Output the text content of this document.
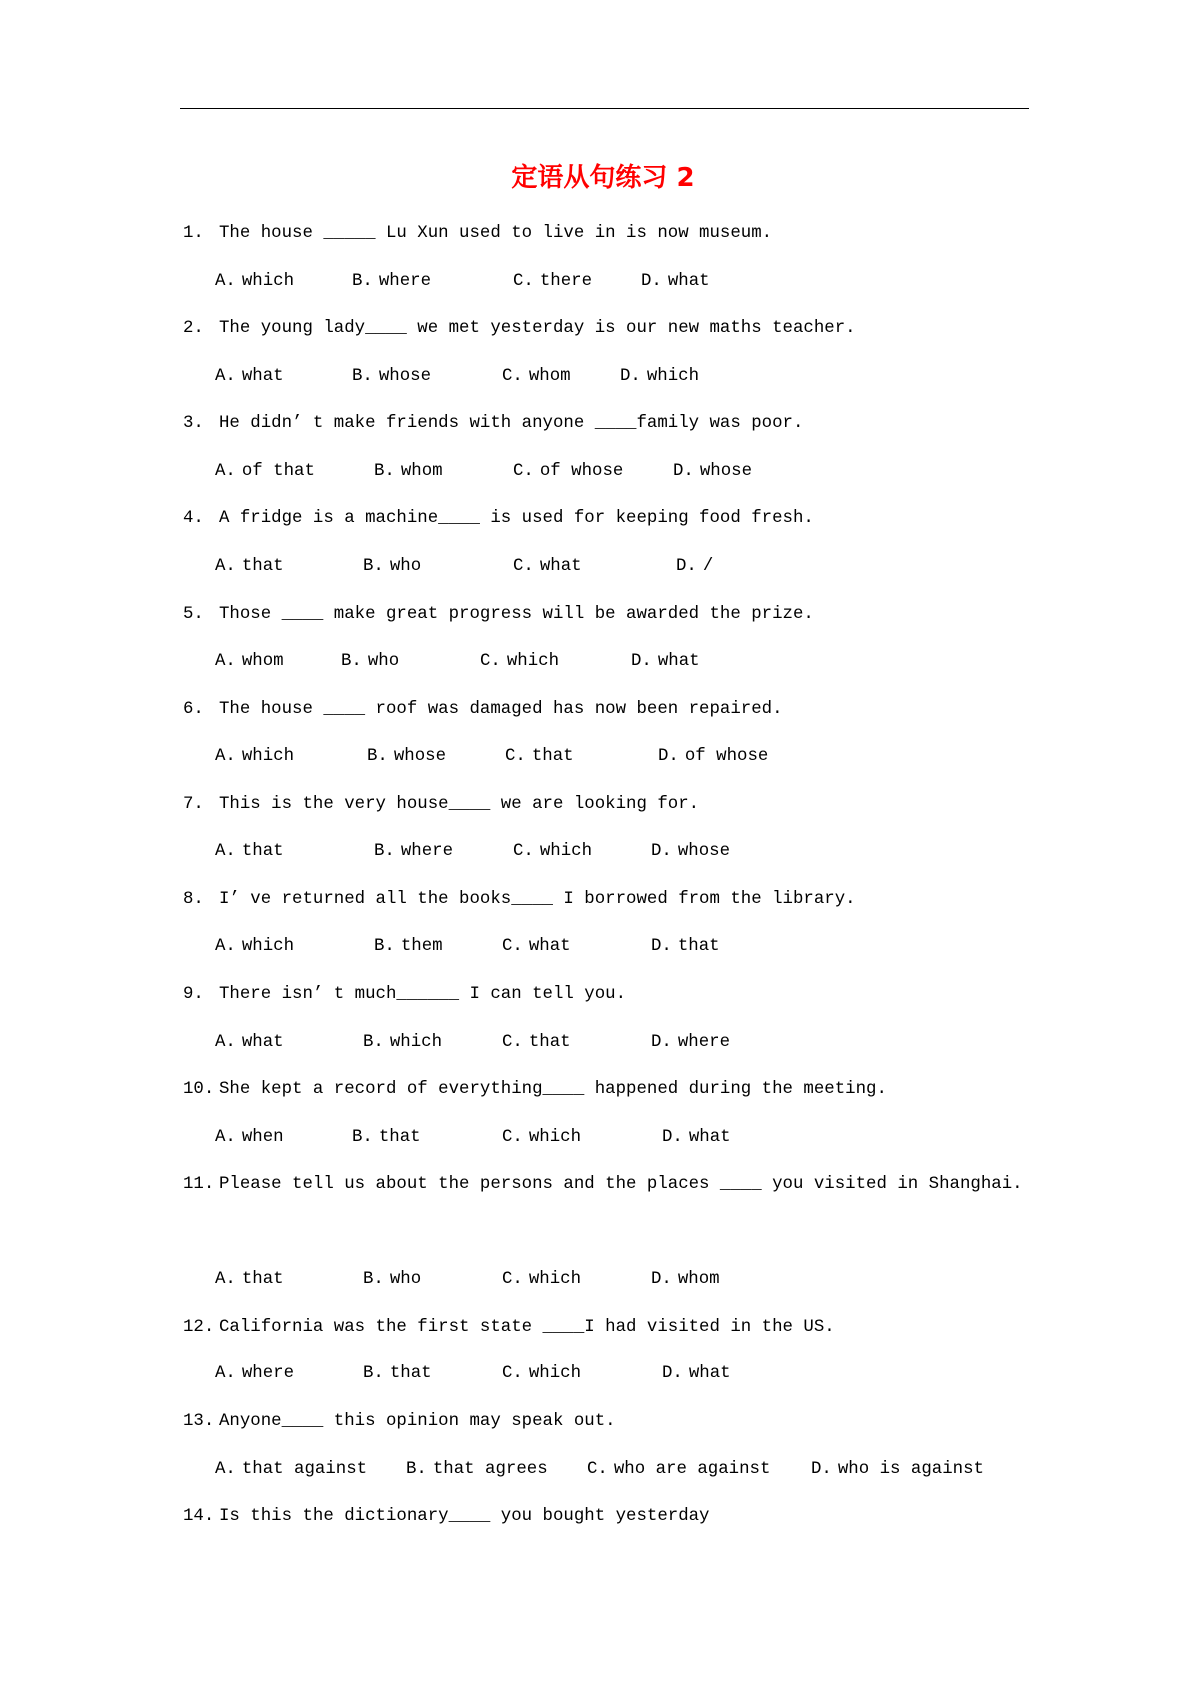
定语从句练习 2
1. The house _____ Lu Xun used to live in is now museum.
A. which	B. where	C. there	D. what
2. The young lady____ we met yesterday is our new maths teacher.
A. what	B. whose	C. whom	D. which
3. He didn’ t make friends with anyone ____family was poor.
A. of that	B. whom	C. of whose	D. whose
4. A fridge is a machine____ is used for keeping food fresh.
A. that	B. who	C. what	D. /
5. Those ____ make great progress will be awarded the prize.
A. whom	B. who	C. which	D. what
6. The house ____ roof was damaged has now been repaired.
A. which	B. whose	C. that	D. of whose
7. This is the very house____ we are looking for.
A. that	B. where	C. which	D. whose
8. I’ ve returned all the books____ I borrowed from the library.
A. which	B. them	C. what	D. that
9. There isn’ t much______ I can tell you.
A. what	B. which	C. that	D. where
10. She kept a record of everything____ happened during the meeting.
A. when	B. that	C. which	D. what
11. Please tell us about the persons and the places ____ you visited in Shanghai.
A. that	B. who	C. which	D. whom
12. California was the first state ____I had visited in the US.
A. where	B. that	C. which	D. what
13. Anyone____ this opinion may speak out.
A. that against B. that agrees C. who are against D. who is against
14. Is this the dictionary____ you bought yesterday
